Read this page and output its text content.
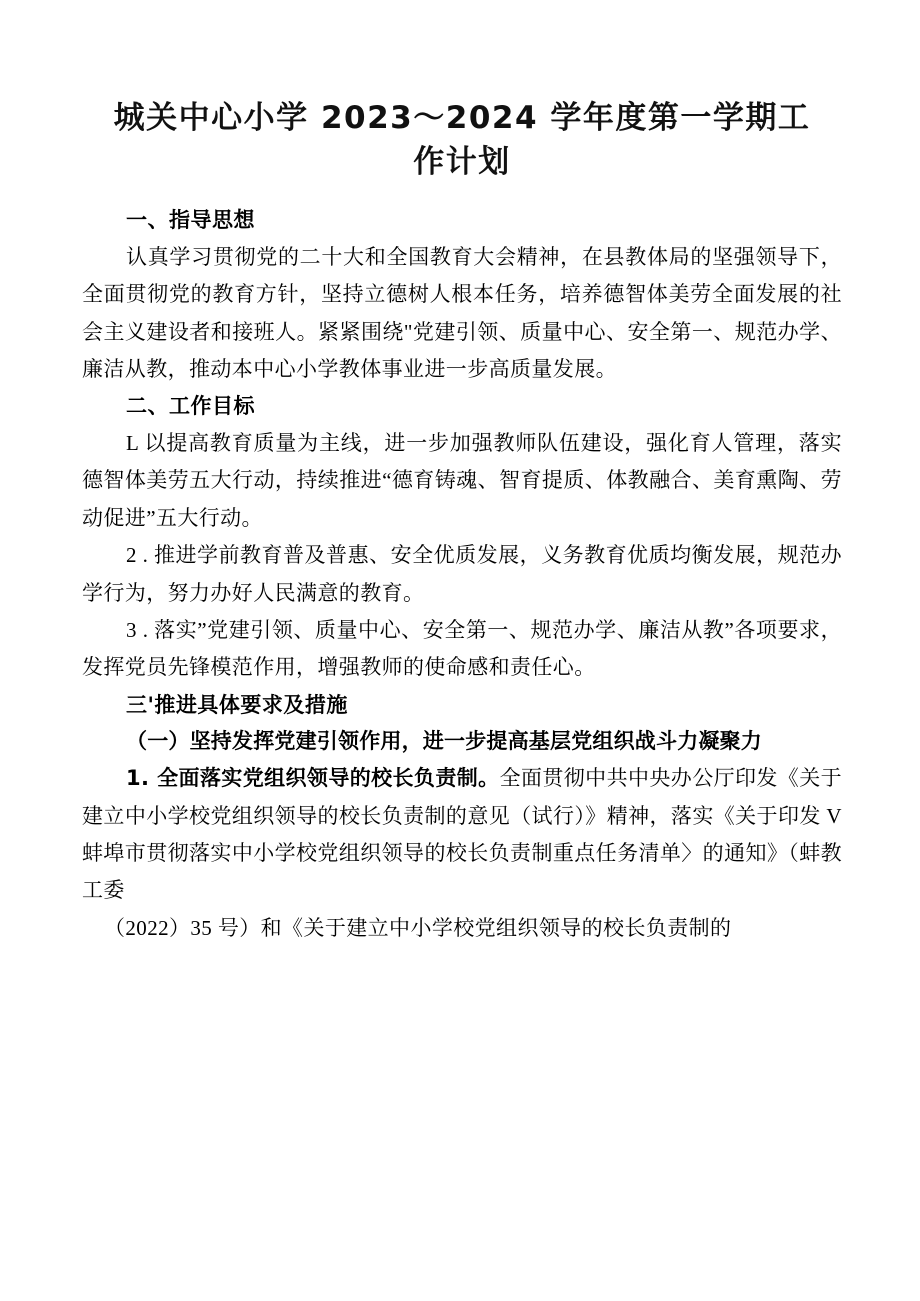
城关中心小学 2023〜2024 学年度第一学期工 作计划
一、指导思想

认真学习贯彻党的二十大和全国教育大会精神，在县教体局的坚强领导下，全面贯彻党的教育方针，坚持立德树人根本任务，培养德智体美劳全面发展的社会主义建设者和接班人。紧紧围绕"党建引领、质量中心、安全第一、规范办学、廉洁从教，推动本中心小学教体事业进一步高质量发展。

二、工作目标

L 以提高教育质量为主线，进一步加强教师队伍建设，强化育人管理，落实德智体美劳五大行动，持续推进“德育铸魂、智育提质、体教融合、美育熏陶、劳动促进”五大行动。

2 . 推进学前教育普及普惠、安全优质发展，义务教育优质均衡发展，规范办学行为，努力办好人民满意的教育。

3 . 落实”党建引领、质量中心、安全第一、规范办学、廉洁从教”各项要求，发挥党员先锋模范作用，增强教师的使命感和责任心。

三'推进具体要求及措施
（一）坚持发挥党建引领作用，进一步提高基层党组织战斗力凝聚力

1. 全面落实党组织领导的校长负责制。全面贯彻中共中央办公厅印发《关于建立中小学校党组织领导的校长负责制的意见（试行）》精神，落实《关于印发 V 蚌埠市贯彻落实中小学校党组织领导的校长负责制重点任务清单〉的通知》（蚌教工委

（2022）35 号）和《关于建立中小学校党组织领导的校长负责制的
